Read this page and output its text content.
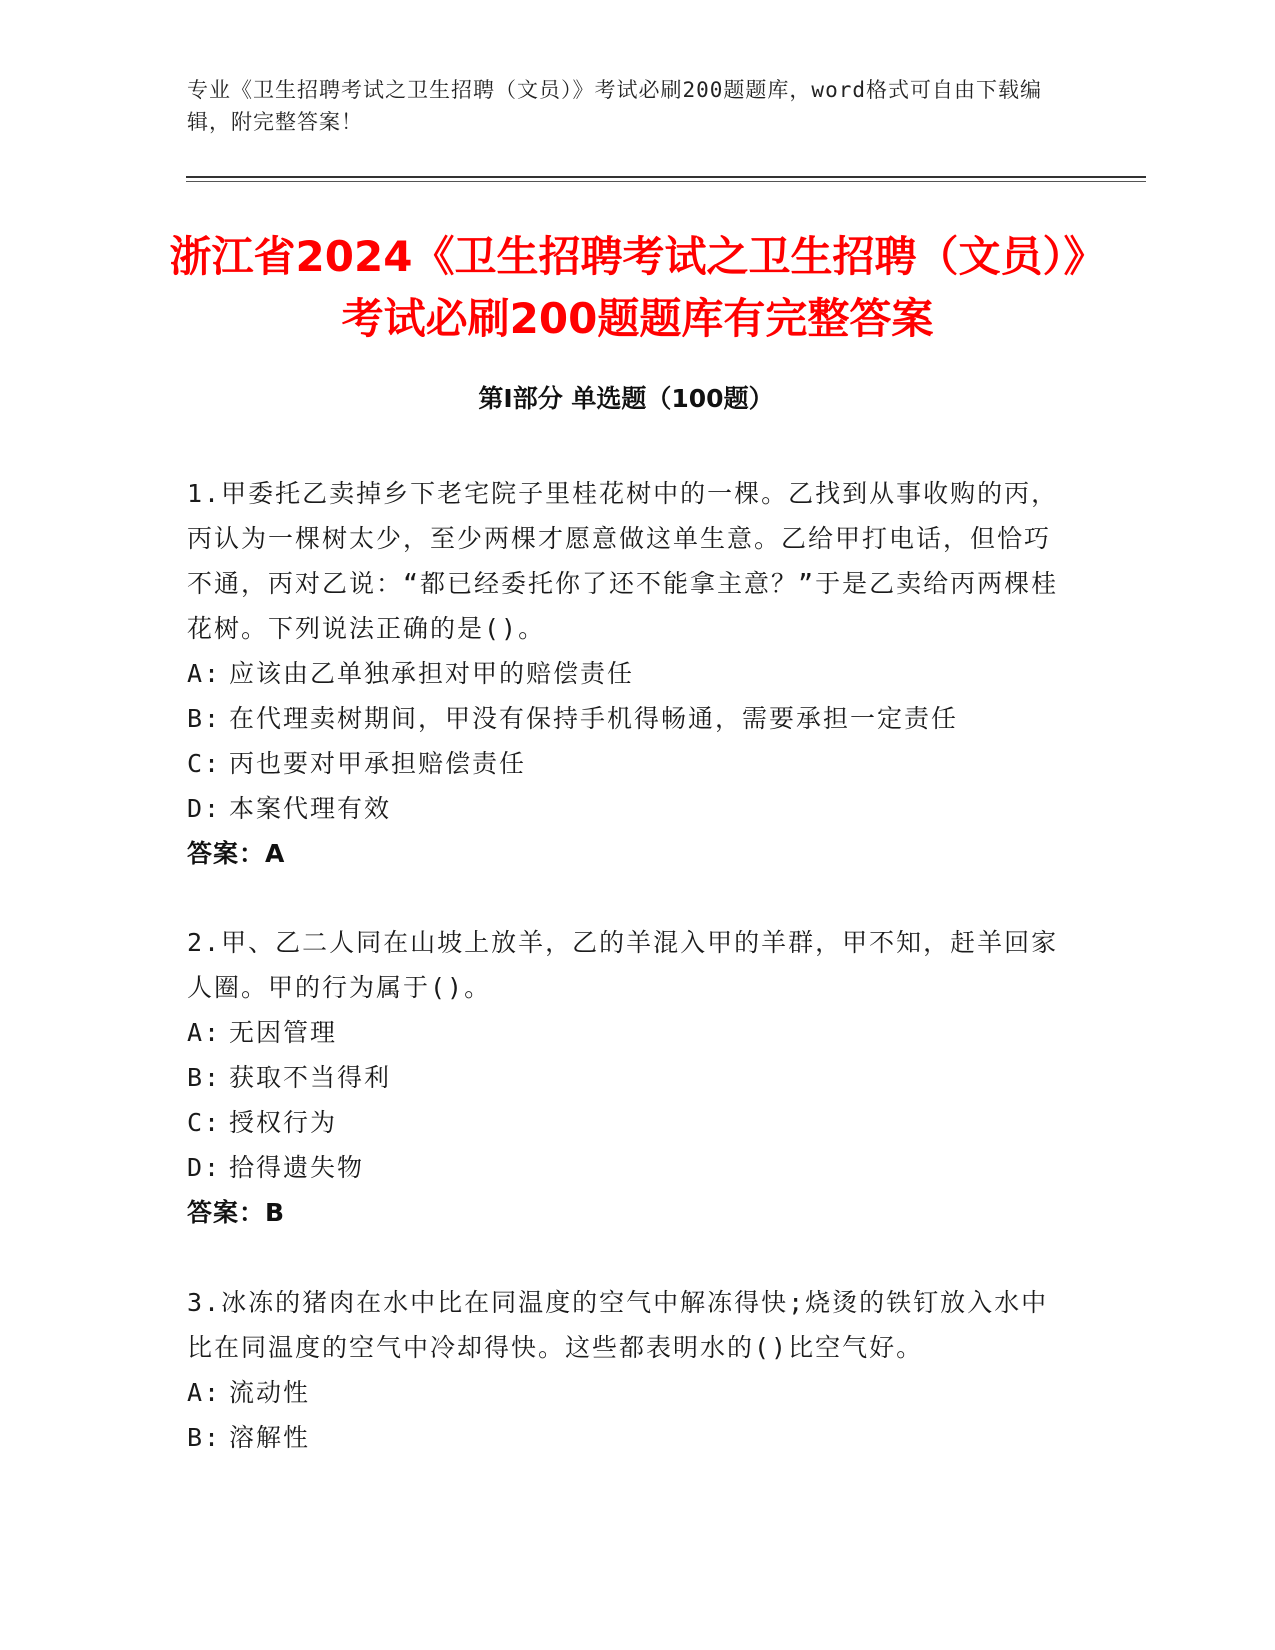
专业《卫生招聘考试之卫生招聘（文员）》考试必刷200题题库，word格式可自由下载编辑，附完整答案！
浙江省2024《卫生招聘考试之卫生招聘（文员）》考试必刷200题题库有完整答案
第Ⅰ部分 单选题（100题）
1.甲委托乙卖掉乡下老宅院子里桂花树中的一棵。乙找到从事收购的丙，丙认为一棵树太少，至少两棵才愿意做这单生意。乙给甲打电话，但恰巧不通，丙对乙说：“都已经委托你了还不能拿主意？”于是乙卖给丙两棵桂花树。下列说法正确的是()。
A: 应该由乙单独承担对甲的赔偿责任
B: 在代理卖树期间，甲没有保持手机得畅通，需要承担一定责任
C: 丙也要对甲承担赔偿责任
D: 本案代理有效
答案：A
2.甲、乙二人同在山坡上放羊，乙的羊混入甲的羊群，甲不知，赶羊回家人圈。甲的行为属于()。
A: 无因管理
B: 获取不当得利
C: 授权行为
D: 拾得遗失物
答案：B
3.冰冻的猪肉在水中比在同温度的空气中解冻得快;烧烫的铁钉放入水中比在同温度的空气中冷却得快。这些都表明水的()比空气好。
A: 流动性
B: 溶解性
